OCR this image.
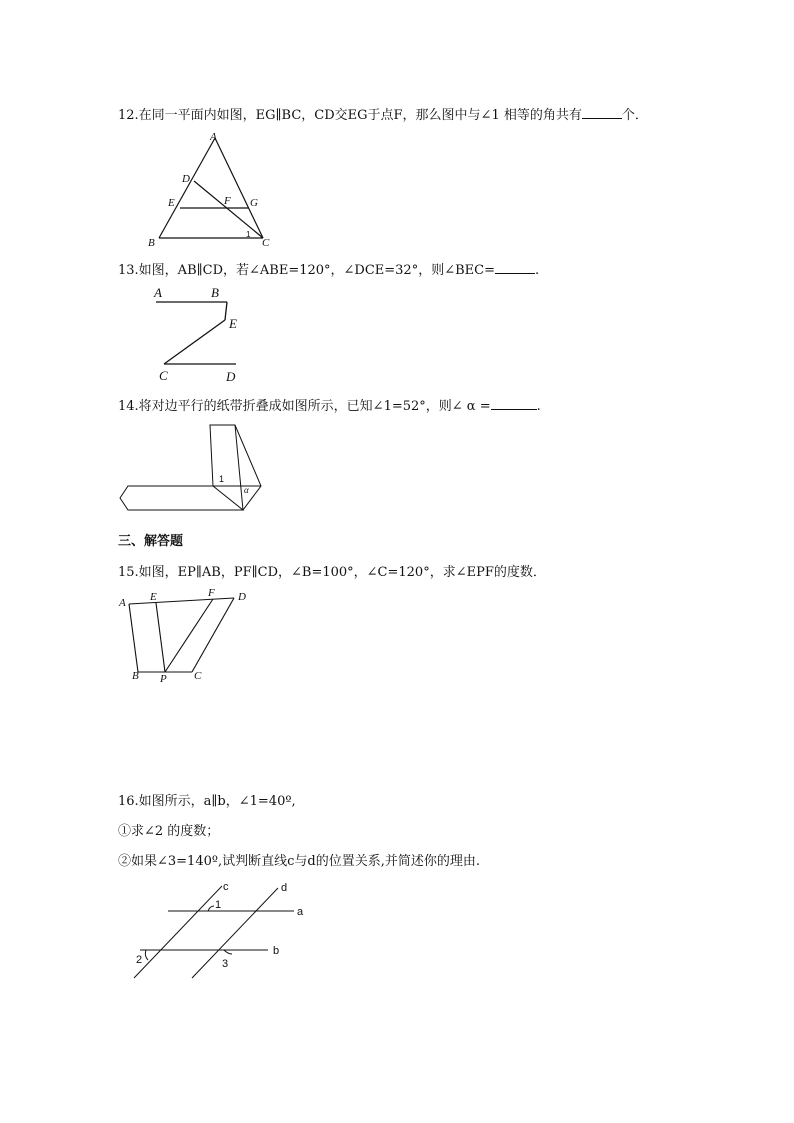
12.在同一平面内如图，EG∥BC，CD交EG于点F，那么图中与∠1 相等的角共有	个．
A
D
E	F G
B	C
1
13.如图，AB∥CD，若∠ABE=120°，∠DCE=32°，则∠BEC=	.
A	B
E
C	D
14.将对边平行的纸带折叠成如图所示，已知∠1=52°，则∠ α =	.
1
α
三、解答题
15.如图，EP∥AB，PF∥CD，∠B=100°，∠C=120°，求∠EPF的度数．
A E	F D
B P C
16.如图所示，a∥b，∠1=40º,
①求∠2 的度数；
②如果∠3=140º,试判断直线c与d的位置关系,并简述你的理由.
c	d
a
b
1
2	3
